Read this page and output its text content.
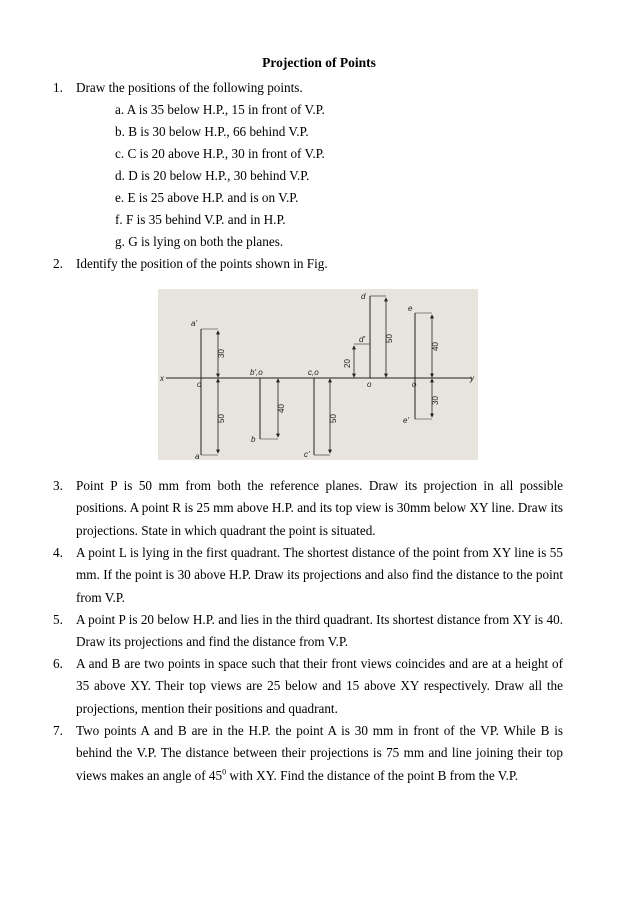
Projection of Points
1. Draw the positions of the following points.
a. A is 35 below H.P., 15 in front of V.P.
b. B is 30 below H.P., 66 behind V.P.
c. C is 20 above H.P., 30 in front of V.P.
d. D is 20 below H.P., 30 behind V.P.
e. E is 25 above H.P. and is on V.P.
f. F is 35 behind V.P. and in H.P.
g. G is lying on both the planes.
2. Identify the position of the points shown in Fig.
x	y
a'
a
o
30
50
b',o
b
40
c,o
c'
50
d
d'
o
20
50
e
e'
o
40
30
3. Point P is 50 mm from both the reference planes. Draw its projection in all possible positions. A point R is 25 mm above H.P. and its top view is 30mm below XY line. Draw its projections. State in which quadrant the point is situated.
4. A point L is lying in the first quadrant. The shortest distance of the point from XY line is 55 mm. If the point is 30 above H.P. Draw its projections and also find the distance to the point from V.P.
5. A point P is 20 below H.P. and lies in the third quadrant. Its shortest distance from XY is 40. Draw its projections and find the distance from V.P.
6. A and B are two points in space such that their front views coincides and are at a height of 35 above XY. Their top views are 25 below and 15 above XY respectively. Draw all the projections, mention their positions and quadrant.
7. Two points A and B are in the H.P. the point A is 30 mm in front of the VP. While B is behind the V.P. The distance between their projections is 75 mm and line joining their top views makes an angle of $45^0$ with XY. Find the distance of the point B from the V.P.
